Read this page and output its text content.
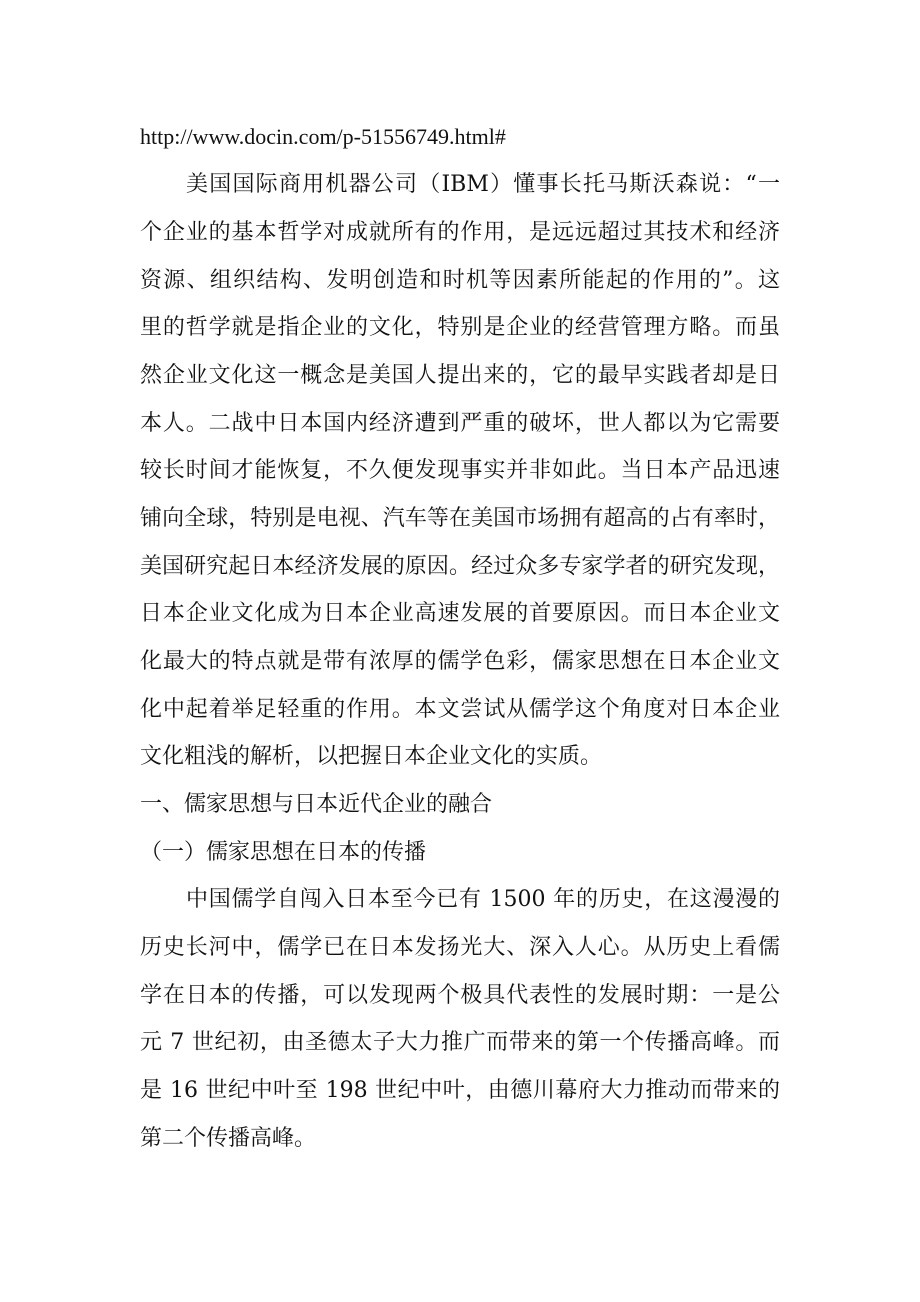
http://www.docin.com/p-51556749.html#
美国国际商用机器公司（IBM）懂事长托马斯沃森说：“一
个企业的基本哲学对成就所有的作用，是远远超过其技术和经济
资源、组织结构、发明创造和时机等因素所能起的作用的”。这
里的哲学就是指企业的文化，特别是企业的经营管理方略。而虽
然企业文化这一概念是美国人提出来的，它的最早实践者却是日
本人。二战中日本国内经济遭到严重的破坏，世人都以为它需要
较长时间才能恢复，不久便发现事实并非如此。当日本产品迅速
铺向全球，特别是电视、汽车等在美国市场拥有超高的占有率时，
美国研究起日本经济发展的原因。经过众多专家学者的研究发现，
日本企业文化成为日本企业高速发展的首要原因。而日本企业文
化最大的特点就是带有浓厚的儒学色彩，儒家思想在日本企业文
化中起着举足轻重的作用。本文尝试从儒学这个角度对日本企业
文化粗浅的解析，以把握日本企业文化的实质。
一、儒家思想与日本近代企业的融合
（一）儒家思想在日本的传播
中国儒学自闯入日本至今已有 1500 年的历史，在这漫漫的
历史长河中，儒学已在日本发扬光大、深入人心。从历史上看儒
学在日本的传播，可以发现两个极具代表性的发展时期：一是公
元 7 世纪初，由圣德太子大力推广而带来的第一个传播高峰。而
是 16 世纪中叶至 198 世纪中叶，由德川幕府大力推动而带来的
第二个传播高峰。
